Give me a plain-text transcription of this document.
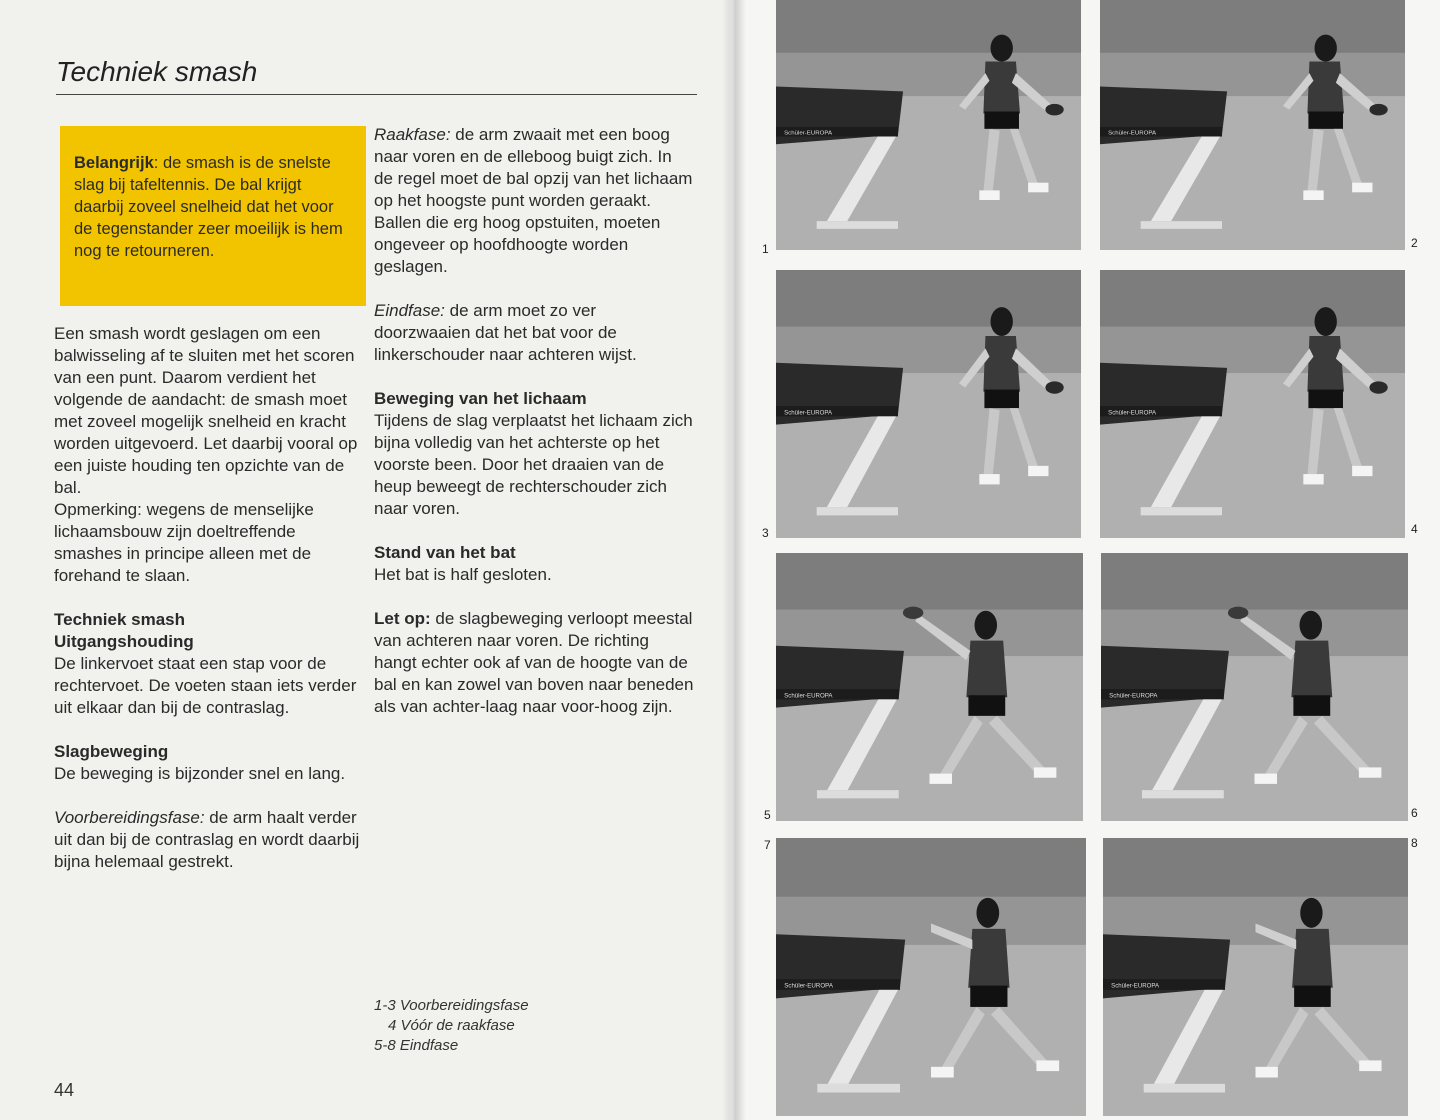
Techniek smash
Belangrijk: de smash is de snelste slag bij tafeltennis. De bal krijgt daarbij zoveel snelheid dat het voor de tegenstander zeer moeilijk is hem nog te retourneren.

Een smash wordt geslagen om een balwisseling af te sluiten met het scoren van een punt. Daarom verdient het volgende de aandacht: de smash moet met zoveel mogelijk snelheid en kracht worden uitgevoerd. Let daarbij vooral op een juiste houding ten opzichte van de bal.

Opmerking: wegens de menselijke lichaamsbouw zijn doeltreffende smashes in principe alleen met de forehand te slaan.

Techniek smash
Uitgangshouding

De linkervoet staat een stap voor de rechtervoet. De voeten staan iets verder uit elkaar dan bij de contraslag.

Slagbeweging

De beweging is bijzonder snel en lang.

Voorbereidingsfase: de arm haalt verder uit dan bij de contraslag en wordt daarbij bijna helemaal gestrekt.

Raakfase: de arm zwaait met een boog naar voren en de elleboog buigt zich. In de regel moet de bal opzij van het lichaam op het hoogste punt worden geraakt. Ballen die erg hoog opstuiten, moeten ongeveer op hoofdhoogte worden geslagen.

Eindfase: de arm moet zo ver doorzwaaien dat het bat voor de linkerschouder naar achteren wijst.

Beweging van het lichaam

Tijdens de slag verplaatst het lichaam zich bijna volledig van het achterste op het voorste been. Door het draaien van de heup beweegt de rechterschouder zich naar voren.

Stand van het bat

Het bat is half gesloten.

Let op: de slagbeweging verloopt meestal van achteren naar voren. De richting hangt echter ook af van de hoogte van de bal en kan zowel van boven naar beneden als van achter-laag naar voor-hoog zijn.

1-3 Voorbereidingsfase

4 Vóór de raakfase

5-8 Eindfase

44
Schüler-EUROPA
1
Schüler-EUROPA
2
Schüler-EUROPA
3
Schüler-EUROPA
4
Schüler-EUROPA
5
Schüler-EUROPA
6
Schüler-EUROPA
7
Schüler-EUROPA
8
